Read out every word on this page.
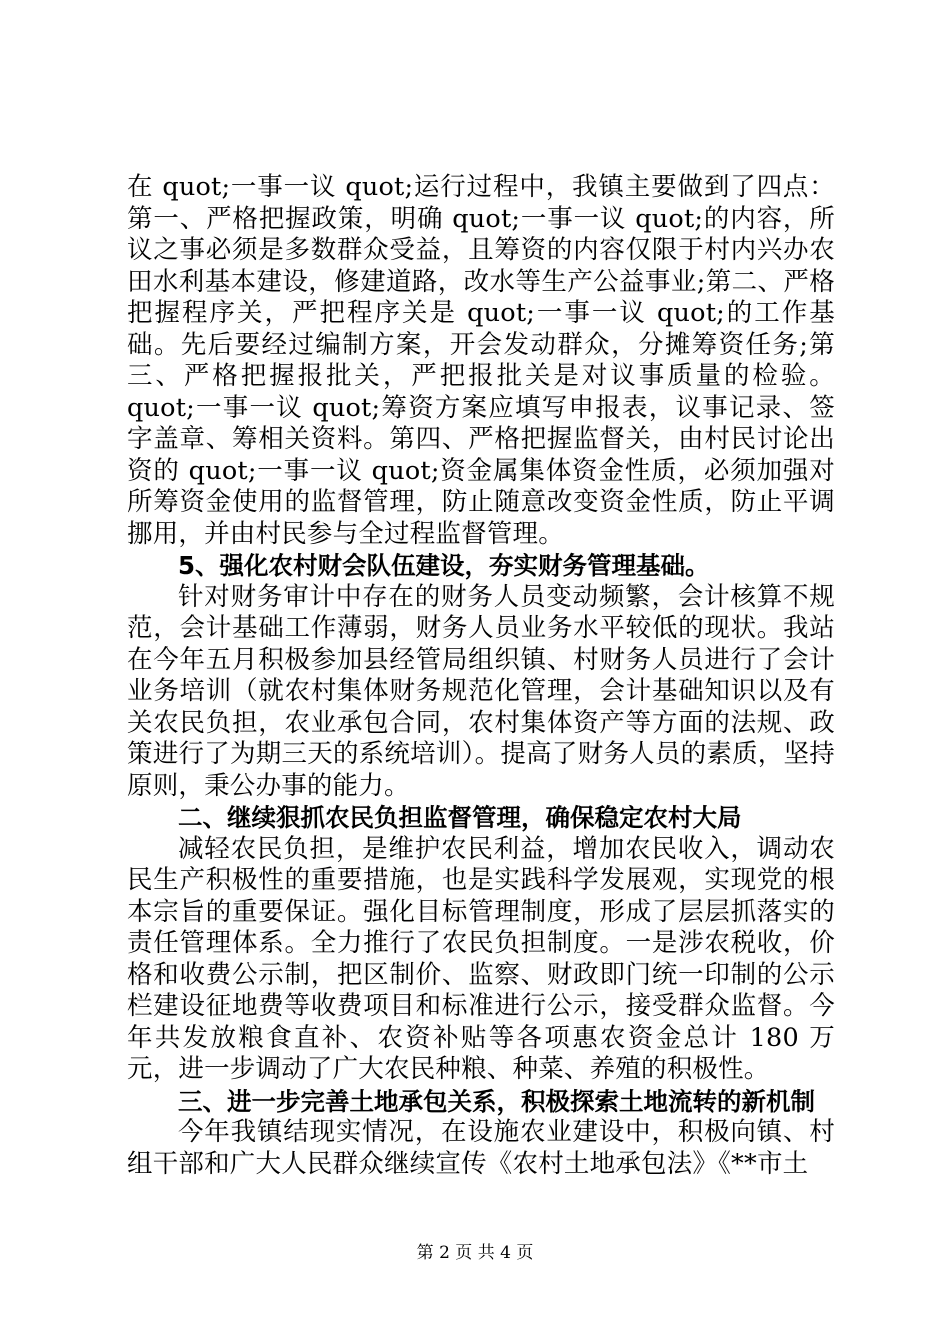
在 quot;一事一议 quot;运行过程中，我镇主要做到了四点：第一、严格把握政策，明确 quot;一事一议 quot;的内容，所议之事必须是多数群众受益，且筹资的内容仅限于村内兴办农田水利基本建设，修建道路，改水等生产公益事业;第二、严格把握程序关，严把程序关是 quot;一事一议 quot;的工作基础。先后要经过编制方案，开会发动群众，分摊筹资任务;第三、严格把握报批关，严把报批关是对议事质量的检验。quot;一事一议 quot;筹资方案应填写申报表，议事记录、签字盖章、筹相关资料。第四、严格把握监督关，由村民讨论出资的 quot;一事一议 quot;资金属集体资金性质，必须加强对所筹资金使用的监督管理，防止随意改变资金性质，防止平调挪用，并由村民参与全过程监督管理。

5、强化农村财会队伍建设，夯实财务管理基础。

针对财务审计中存在的财务人员变动频繁，会计核算不规范，会计基础工作薄弱，财务人员业务水平较低的现状。我站在今年五月积极参加县经管局组织镇、村财务人员进行了会计业务培训（就农村集体财务规范化管理，会计基础知识以及有关农民负担，农业承包合同，农村集体资产等方面的法规、政策进行了为期三天的系统培训）。提高了财务人员的素质，坚持原则，秉公办事的能力。

二、继续狠抓农民负担监督管理，确保稳定农村大局

减轻农民负担，是维护农民利益，增加农民收入，调动农民生产积极性的重要措施，也是实践科学发展观，实现党的根本宗旨的重要保证。强化目标管理制度，形成了层层抓落实的责任管理体系。全力推行了农民负担制度。一是涉农税收，价格和收费公示制，把区制价、监察、财政即门统一印制的公示栏建设征地费等收费项目和标准进行公示，接受群众监督。今年共发放粮食直补、农资补贴等各项惠农资金总计 180 万元，进一步调动了广大农民种粮、种菜、养殖的积极性。

三、进一步完善土地承包关系，积极探索土地流转的新机制

今年我镇结现实情况，在设施农业建设中，积极向镇、村组干部和广大人民群众继续宣传《农村土地承包法》《**市土

第 2 页 共 4 页
